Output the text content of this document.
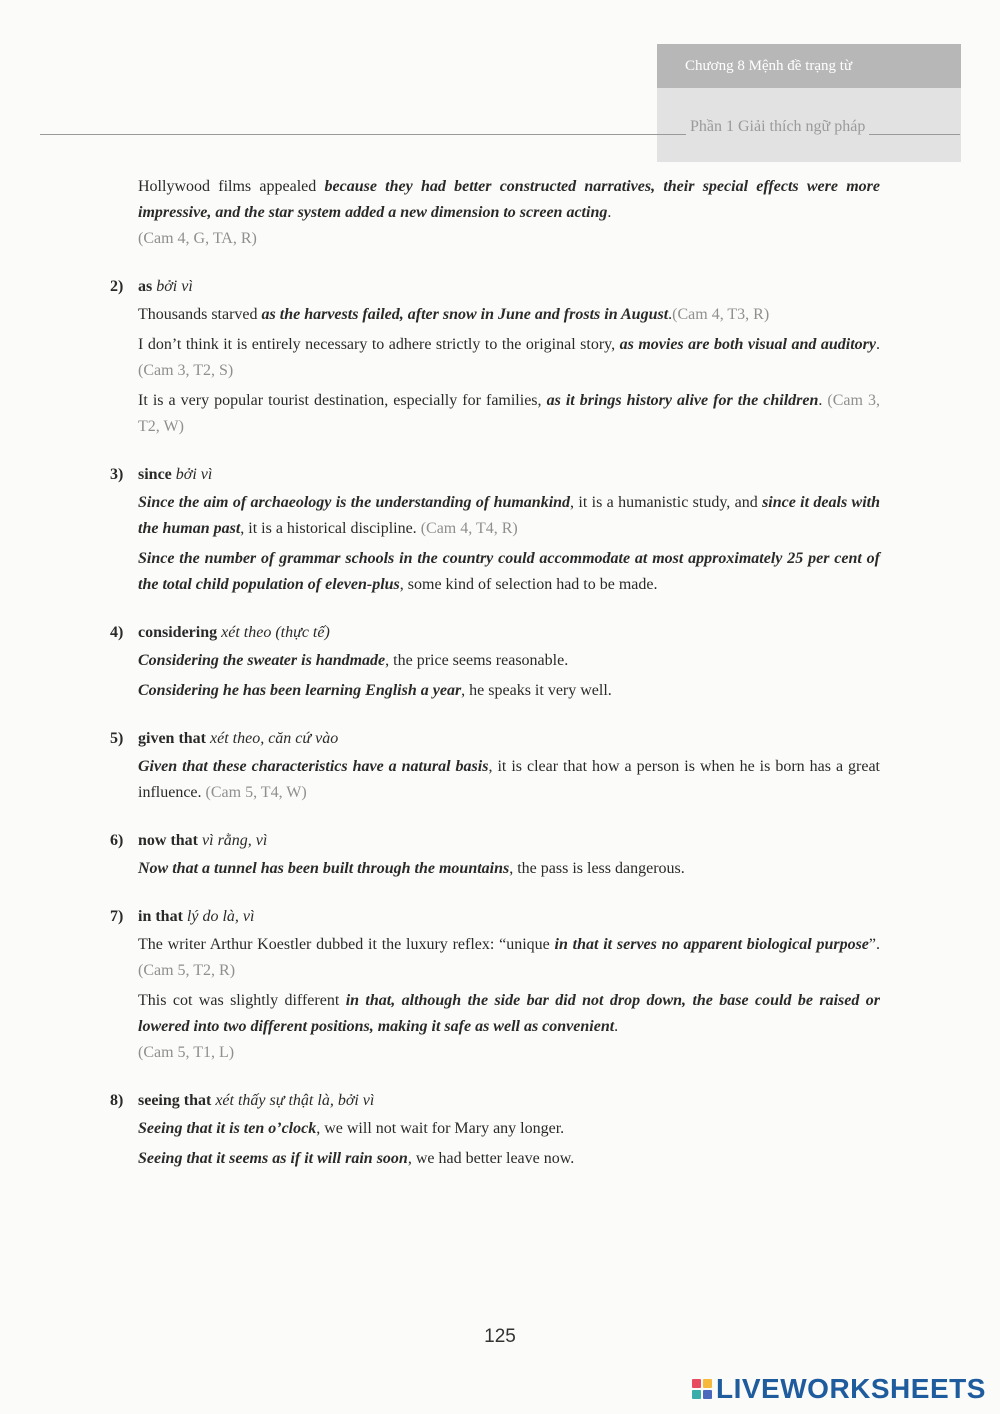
Chương 8 Mệnh đề trạng từ
Phần 1 Giải thích ngữ pháp

Hollywood films appealed because they had better constructed narratives, their special effects were more impressive, and the star system added a new dimension to screen acting.
(Cam 4, G, TA, R)

2) as bởi vì

Thousands starved as the harvests failed, after snow in June and frosts in August.(Cam 4, T3, R)

I don’t think it is entirely necessary to adhere strictly to the original story, as movies are both visual and auditory. (Cam 3, T2, S)

It is a very popular tourist destination, especially for families, as it brings history alive for the children. (Cam 3, T2, W)

3) since bởi vì

Since the aim of archaeology is the understanding of humankind, it is a humanistic study, and since it deals with the human past, it is a historical discipline. (Cam 4, T4, R)

Since the number of grammar schools in the country could accommodate at most approximately 25 per cent of the total child population of eleven-plus, some kind of selection had to be made.

4) considering xét theo (thực tế)

Considering the sweater is handmade, the price seems reasonable.

Considering he has been learning English a year, he speaks it very well.

5) given that xét theo, căn cứ vào

Given that these characteristics have a natural basis, it is clear that how a person is when he is born has a great influence. (Cam 5, T4, W)

6) now that vì rằng, vì

Now that a tunnel has been built through the mountains, the pass is less dangerous.

7) in that lý do là, vì

The writer Arthur Koestler dubbed it the luxury reflex: “unique in that it serves no apparent biological purpose”. (Cam 5, T2, R)

This cot was slightly different in that, although the side bar did not drop down, the base could be raised or lowered into two different positions, making it safe as well as convenient.
(Cam 5, T1, L)

8) seeing that xét thấy sự thật là, bởi vì

Seeing that it is ten o’clock, we will not wait for Mary any longer.

Seeing that it seems as if it will rain soon, we had better leave now.

125
LIVEWORKSHEETS
